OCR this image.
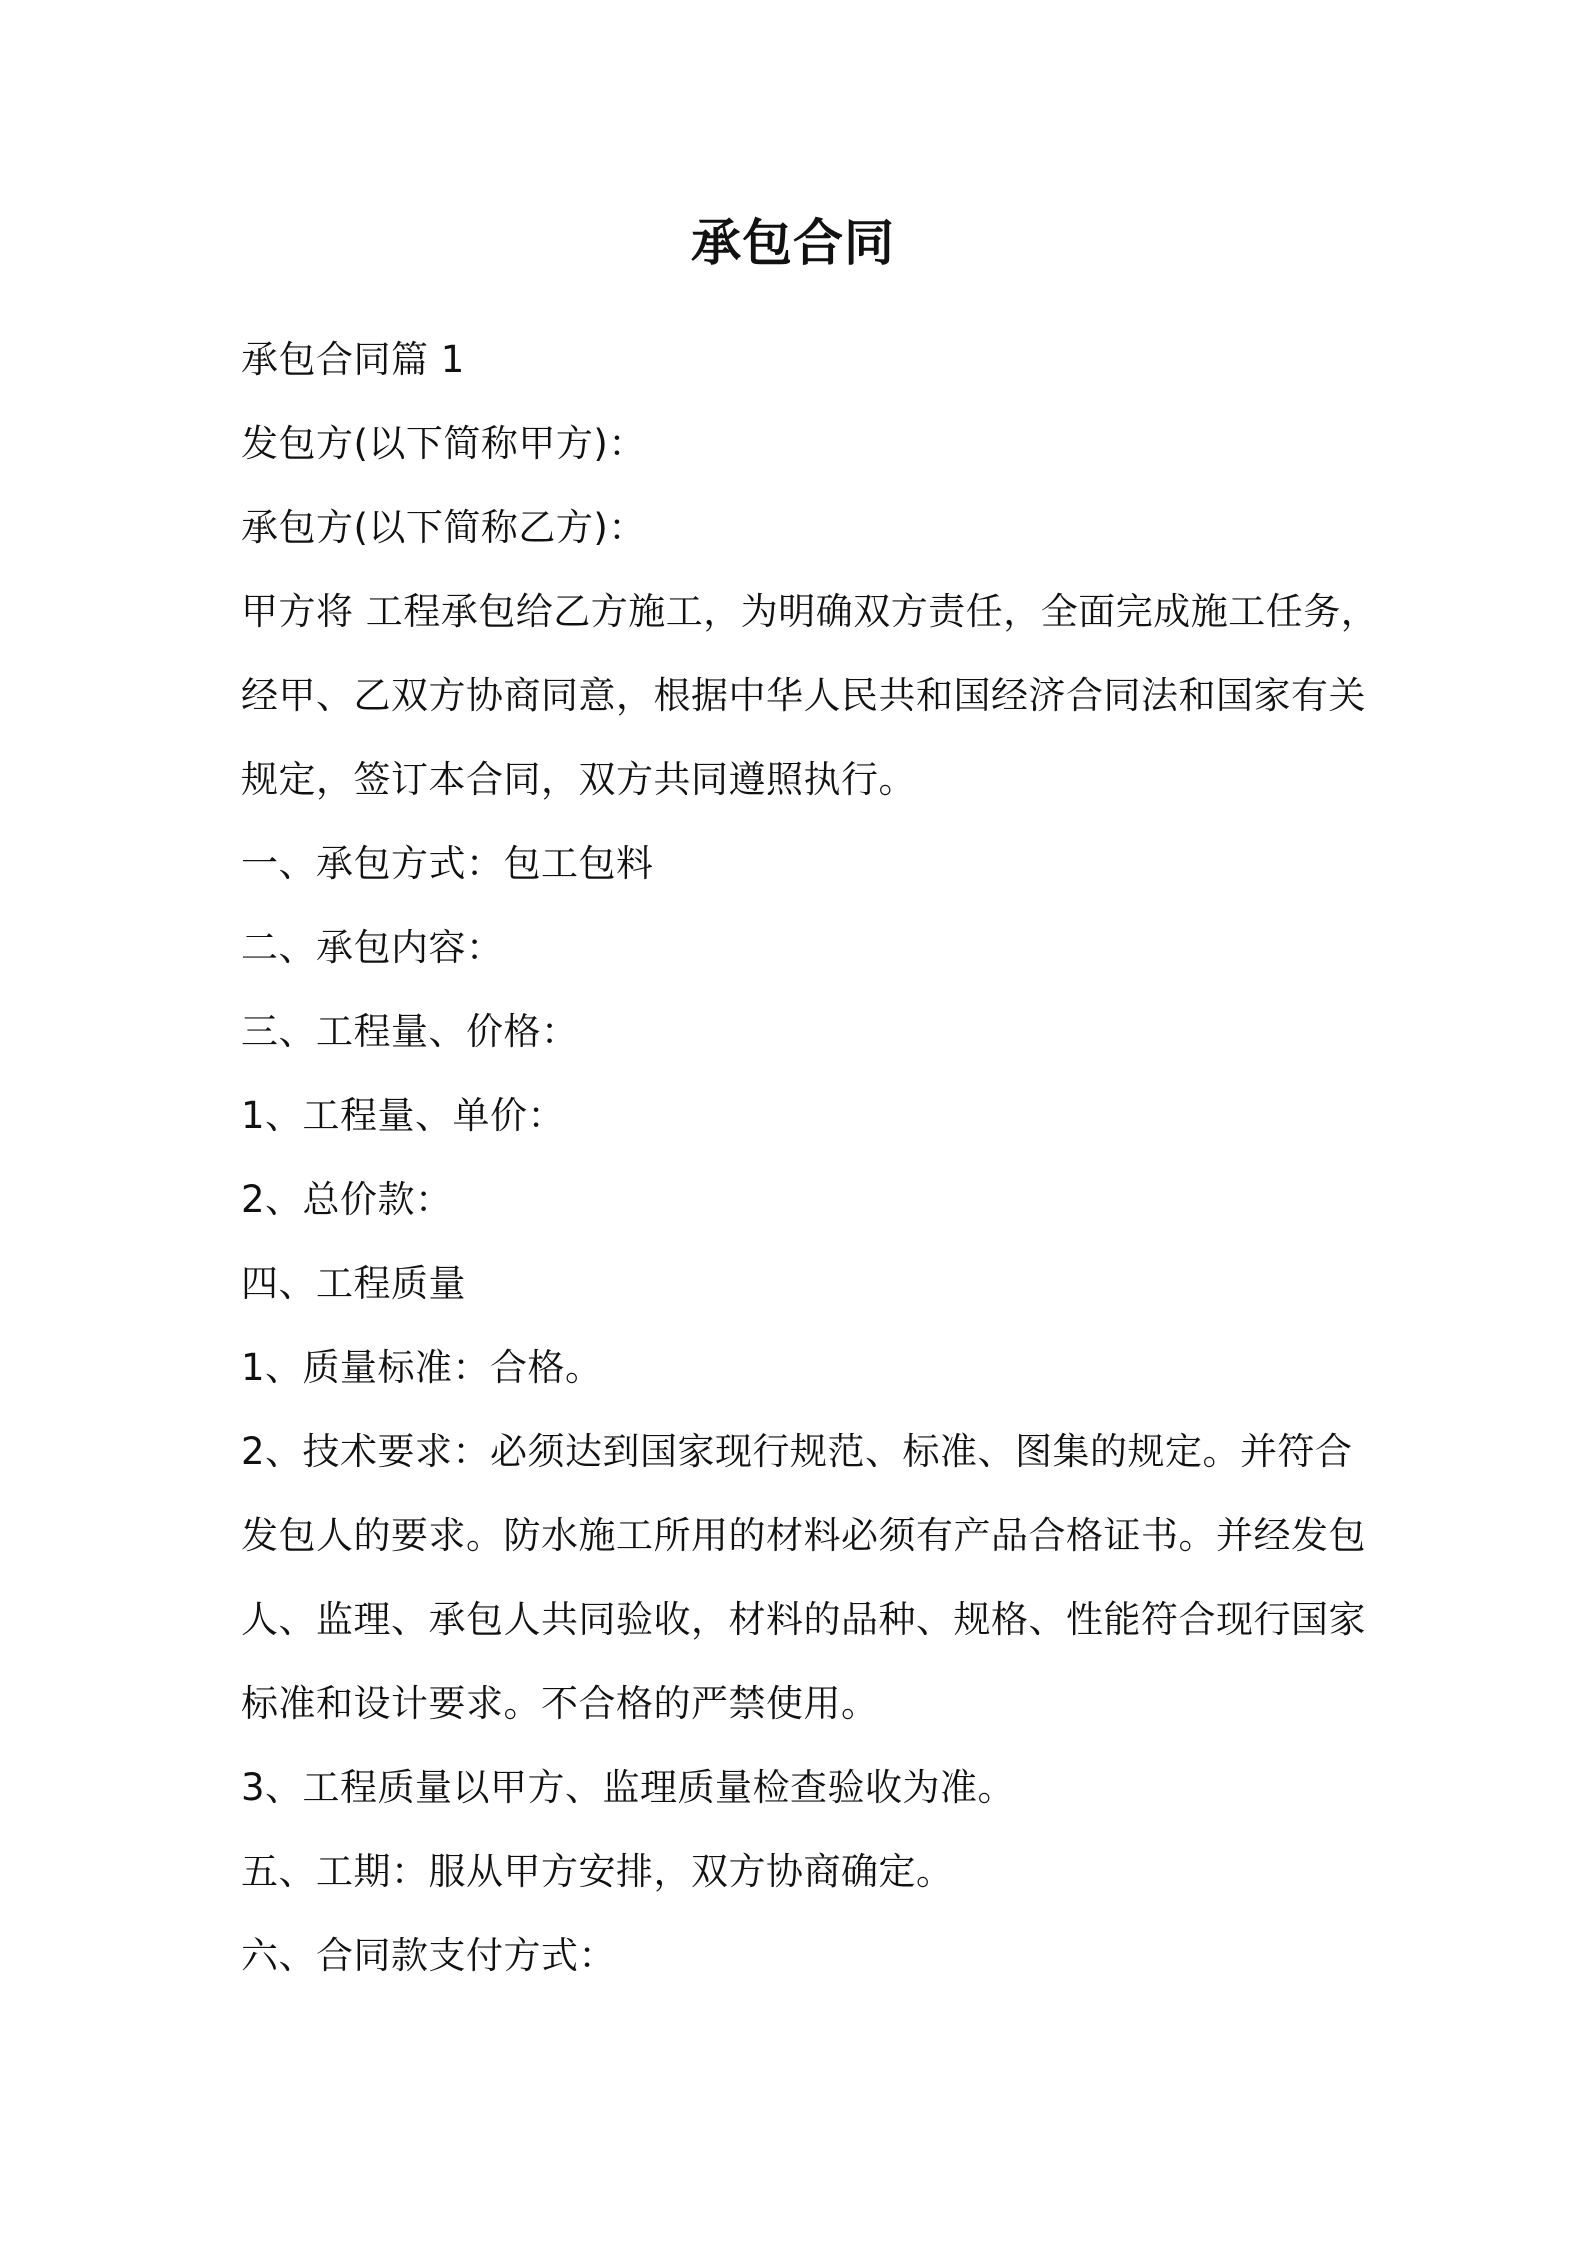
承包合同
承包合同篇 1
发包方(以下简称甲方)：
承包方(以下简称乙方)：
甲方将 工程承包给乙方施工，为明确双方责任，全面完成施工任务，
经甲、乙双方协商同意，根据中华人民共和国经济合同法和国家有关
规定，签订本合同，双方共同遵照执行。
一、承包方式：包工包料
二、承包内容：
三、工程量、价格：
1、工程量、单价：
2、总价款：
四、工程质量
1、质量标准：合格。
2、技术要求：必须达到国家现行规范、标准、图集的规定。并符合
发包人的要求。防水施工所用的材料必须有产品合格证书。并经发包
人、监理、承包人共同验收，材料的品种、规格、性能符合现行国家
标准和设计要求。不合格的严禁使用。
3、工程质量以甲方、监理质量检查验收为准。
五、工期：服从甲方安排，双方协商确定。
六、合同款支付方式：
